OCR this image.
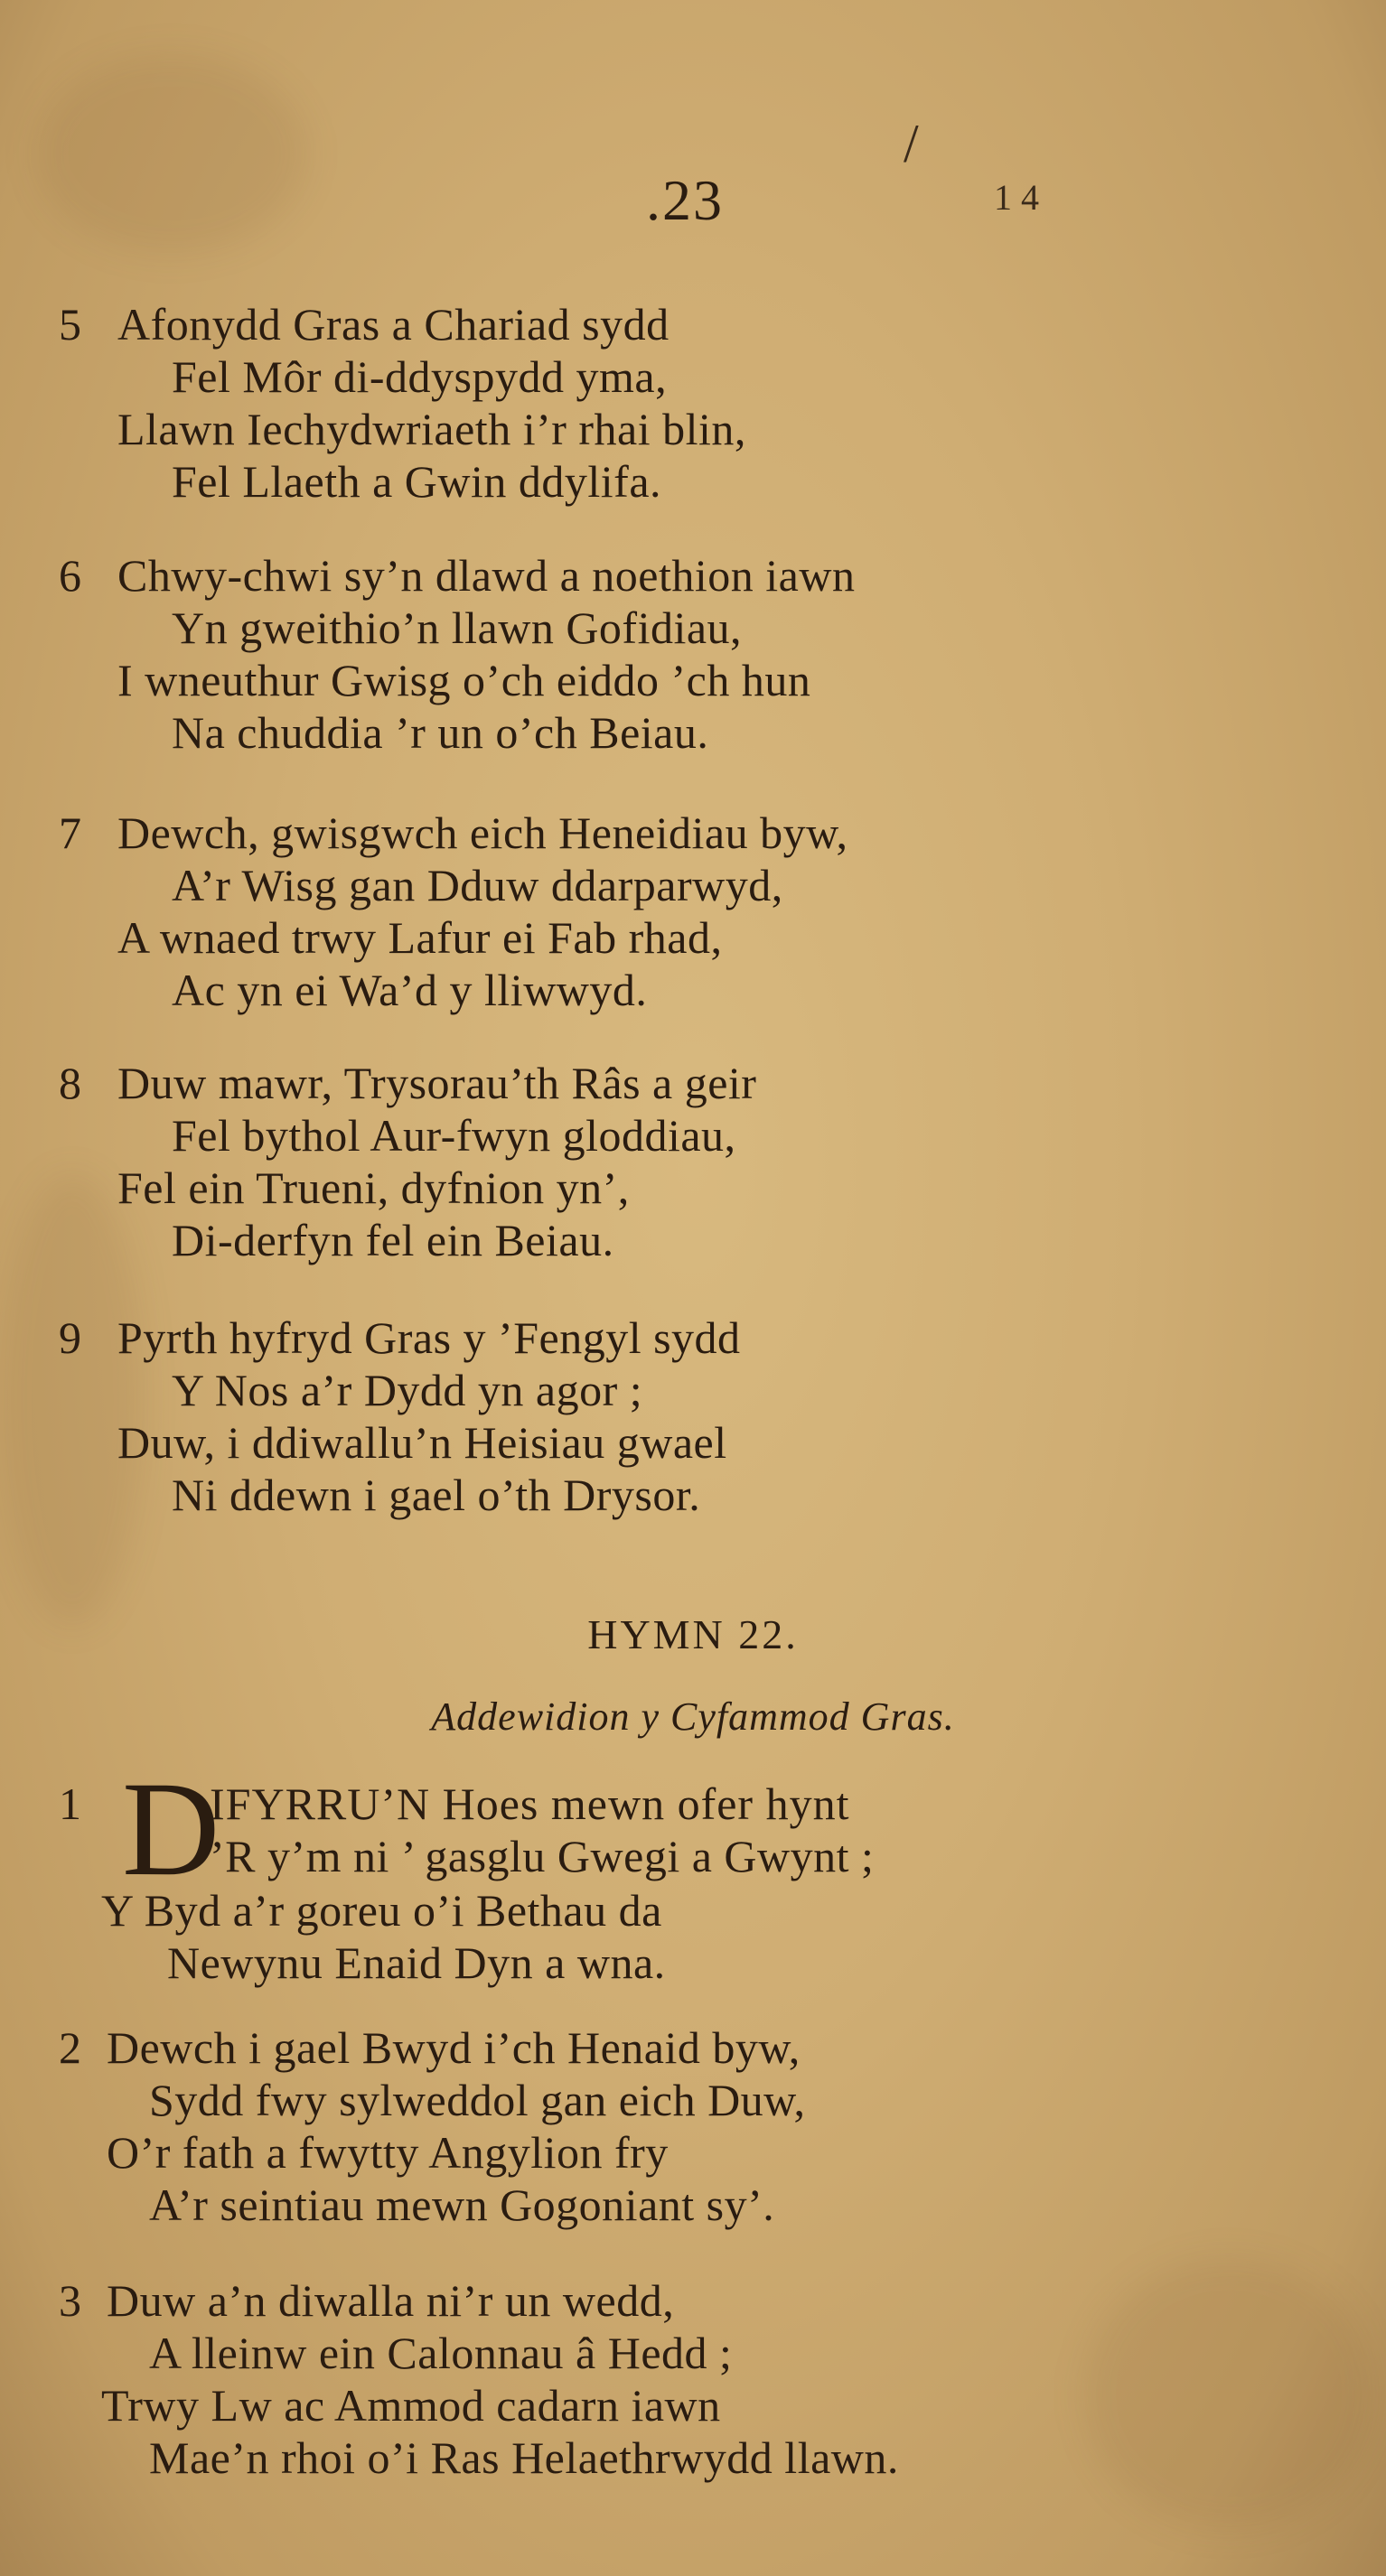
/
1 4
.23
5 Afonydd Gras a Chariad sydd
Fel Môr di-ddyspydd yma,
Llawn Iechydwriaeth i’r rhai blin,
Fel Llaeth a Gwin ddylifa.
6 Chwy-chwi sy’n dlawd a noethion iawn
Yn gweithio’n llawn Gofidiau,
I wneuthur Gwisg o’ch eiddo ’ch hun
Na chuddia ’r un o’ch Beiau.
7 Dewch, gwisgwch eich Heneidiau byw,
A’r Wisg gan Dduw ddarparwyd,
A wnaed trwy Lafur ei Fab rhad,
Ac yn ei Wa’d y lliwwyd.
8 Duw mawr, Trysorau’th Râs a geir
Fel bythol Aur-fwyn gloddiau,
Fel ein Trueni, dyfnion yn’,
Di-derfyn fel ein Beiau.
9 Pyrth hyfryd Gras y ’Fengyl sydd
Y Nos a’r Dydd yn agor ;
Duw, i ddiwallu’n Heisiau gwael
Ni ddewn i gael o’th Drysor.
HYMN 22.
Addewidion y Cyfammod Gras.
1	IFYRRU’N Hoes mewn ofer hynt
’R y’m ni ’ gasglu Gwegi a Gwynt ;
Y Byd a’r goreu o’i Bethau da
Newynu Enaid Dyn a wna.
D
2 Dewch i gael Bwyd i’ch Henaid byw,
Sydd fwy sylweddol gan eich Duw,
O’r fath a fwytty Angylion fry
A’r seintiau mewn Gogoniant sy’.
3 Duw a’n diwalla ni’r un wedd,
A lleinw ein Calonnau â Hedd ;
Trwy Lw ac Ammod cadarn iawn
Mae’n rhoi o’i Ras Helaethrwydd llawn.
